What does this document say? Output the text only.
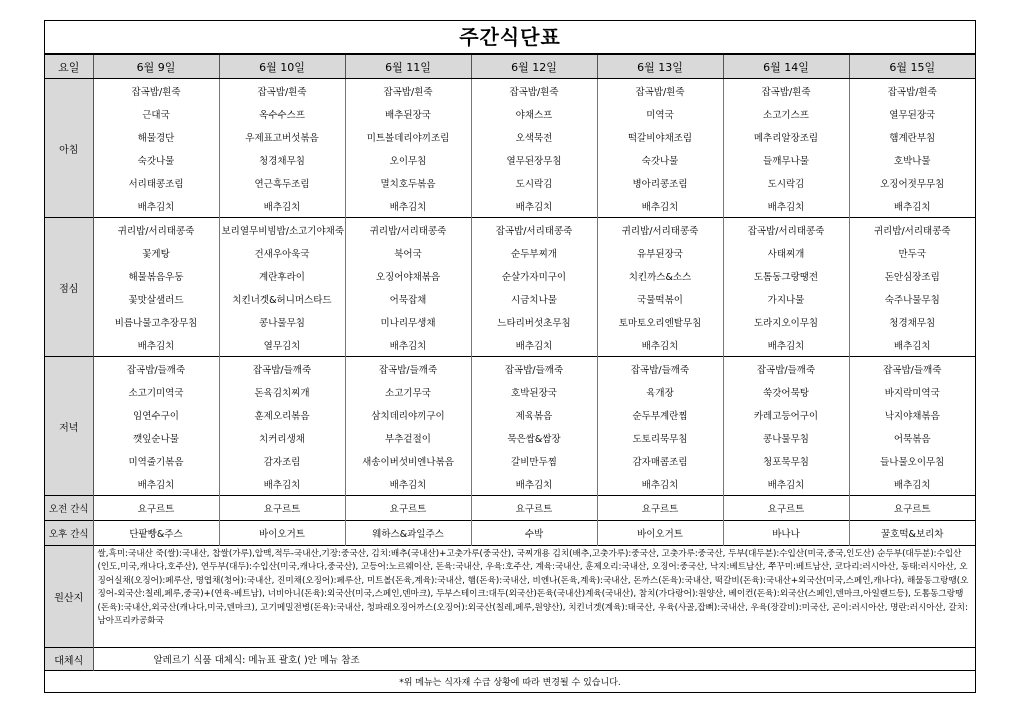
주간식단표
요일	6월 9일	6월 10일	6월 11일	6월 12일	6월 13일	6월 14일	6월 15일
아침	잡곡밥/흰죽	잡곡밥/흰죽	잡곡밥/흰죽	잡곡밥/흰죽	잡곡밥/흰죽	잡곡밥/흰죽	잡곡밥/흰죽
	근대국	옥수수스프	배추된장국	야채스프	미역국	소고기스프	열무된장국
	해물경단	우제표고버섯볶음	미트볼데리야끼조림	오색묵전	떡갈비야채조림	메추리알장조림	햄계란부침
	숙갓나물	청경채무침	오이무침	열무된장무침	숙갓나물	들깨무나물	호박나물
	서리태콩조림	연근흑두조림	멸치호두볶음	도시락김	병아리콩조림	도시락김	오징어젓무무침
	배추김치	배추김치	배추김치	배추김치	배추김치	배추김치	배추김치
점심	귀리밥/서리태콩죽	보리열무비빔밥/소고기야채죽	귀리밥/서리태콩죽	잡곡밥/서리태콩죽	귀리밥/서리태콩죽	잡곡밥/서리태콩죽	귀리밥/서리태콩죽
	꽃게탕	건새우아욱국	북어국	순두부찌개	유부된장국	사태찌개	만두국
	해물볶음우동	계란후라이	오징어야채볶음	순살가자미구이	치킨까스&소스	도톰동그랑땡전	돈안심장조림
	꽃맛살샐러드	치킨너겟&허니머스타드	어묵잡채	시금치나물	국물떡볶이	가지나물	숙주나물무침
	비름나물고추장무침	콩나물무침	미나리무생채	느타리버섯초무침	토마토오리엔탈무침	도라지오이무침	청경채무침
	배추김치	열무김치	배추김치	배추김치	배추김치	배추김치	배추김치
저녁	잡곡밥/들깨죽	잡곡밥/들깨죽	잡곡밥/들깨죽	잡곡밥/들깨죽	잡곡밥/들깨죽	잡곡밥/들깨죽	잡곡밥/들깨죽
	소고기미역국	돈육김치찌개	소고기무국	호박된장국	육개장	쑥갓어묵탕	바지락미역국
	임연수구이	훈제오리볶음	삼치데리야끼구이	제육볶음	순두부계란찜	카레고등어구이	낙지야채볶음
	깻잎순나물	치커리생채	부추겉절이	묵은쌈&쌈장	도토리묵무침	콩나물무침	어묵볶음
	미역줄기볶음	감자조림	새송이버섯비엔나볶음	갈비만두찜	감자매콤조림	청포묵무침	들나물오이무침
	배추김치	배추김치	배추김치	배추김치	배추김치	배추김치	배추김치
오전 간식	요구르트	요구르트	요구르트	요구르트	요구르트	요구르트	요구르트
오후 간식	단팥빵&주스	바이오거트	웨하스&과일주스	수박	바이오거트	바나나	꿀호떡&보리차
원산지	쌀,흑미:국내산 죽(쌀):국내산, 찹쌀(가루),압맥,적두-국내산,기장:중국산, 김치:배추(국내산)+고춧가루(중국산), 국찌개용 김치(배추,고춧가루):중국산, 고춧가루:중국산, 두부(대두분):수입산(미국,중국,인도산) 순두부(대두분):수입산(인도,미국,캐나다,호주산), 연두부(대두):수입산(미국,캐나다,중국산), 고등어:노르웨이산, 돈육:국내산, 우육:호주산, 계육:국내산, 훈제오리:국내산, 오징어:중국산, 낙지:베트남산, 쭈꾸미:베트남산, 코다리:러시아산, 동태:러시아산, 오징어실채(오징어):페루산, 명엽채(청어):국내산, 진미채(오징어):페루산, 미트볼(돈육,계육):국내산, 햄(돈육):국내산, 비엔나(돈육,계육):국내산, 돈까스(돈육):국내산, 떡갈비(돈육):국내산+외국산(미국,스페인,캐나다), 해물동그랑땡(오징어-외국산:칠레,페루,중국)+(연육-베트남), 너비아니(돈육):외국산(미국,스페인,덴마크), 두부스테이크:대두(외국산)돈육(국내산)계육(국내산), 참치(가다랑어):원양산, 베이컨(돈육):외국산(스페인,덴마크,아일랜드등), 도톰동그랑땡(돈육):국내산,외국산(캐나다,미국,덴마크), 고기메밀전병(돈육):국내산, 청파래오징어까스(오징어):외국산(칠레,페루,원양산), 치킨너겟(계육):태국산, 우육(사골,잡뼈):국내산, 우육(장갈비):미국산, 곤이:러시아산, 명란:러시아산, 갈치:남아프리카공화국						
대체식	알레르기 식품 대체식: 메뉴표 괄호( )안 메뉴 참조						
*위 메뉴는 식자재 수급 상황에 따라 변경될 수 있습니다.							
